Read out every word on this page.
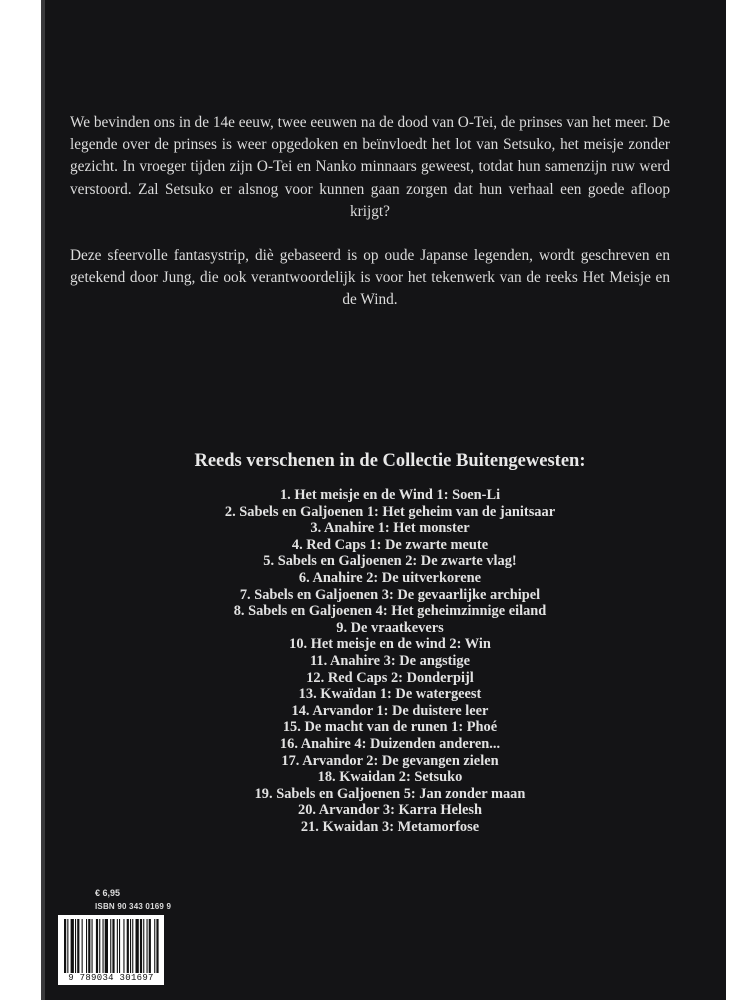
We bevinden ons in de 14e eeuw, twee eeuwen na de dood van O-Tei, de prinses van het meer. De legende over de prinses is weer opgedoken en beïnvloedt het lot van Setsuko, het meisje zonder gezicht. In vroeger tijden zijn O-Tei en Nanko minnaars geweest, totdat hun samenzijn ruw werd verstoord. Zal Setsuko er alsnog voor kunnen gaan zorgen dat hun verhaal een goede afloop krijgt?

Deze sfeervolle fantasystrip, diè gebaseerd is op oude Japanse legenden, wordt geschreven en getekend door Jung, die ook verantwoordelijk is voor het tekenwerk van de reeks Het Meisje en de Wind.

Reeds verschenen in de Collectie Buitengewesten:
1. Het meisje en de Wind 1: Soen-Li
2. Sabels en Galjoenen 1: Het geheim van de janitsaar
3. Anahire 1: Het monster
4. Red Caps 1: De zwarte meute
5. Sabels en Galjoenen 2: De zwarte vlag!
6. Anahire 2: De uitverkorene
7. Sabels en Galjoenen 3: De gevaarlijke archipel
8. Sabels en Galjoenen 4: Het geheimzinnige eiland
9. De vraatkevers
10. Het meisje en de wind 2: Win
11. Anahire 3: De angstige
12. Red Caps 2: Donderpijl
13. Kwaïdan 1: De watergeest
14. Arvandor 1: De duistere leer
15. De macht van de runen 1: Phoé
16. Anahire 4: Duizenden anderen...
17. Arvandor 2: De gevangen zielen
18. Kwaidan 2: Setsuko
19. Sabels en Galjoenen 5: Jan zonder maan
20. Arvandor 3: Karra Helesh
21. Kwaidan 3: Metamorfose
€ 6,95
ISBN 90 343 0169 9
9 789034 301697
